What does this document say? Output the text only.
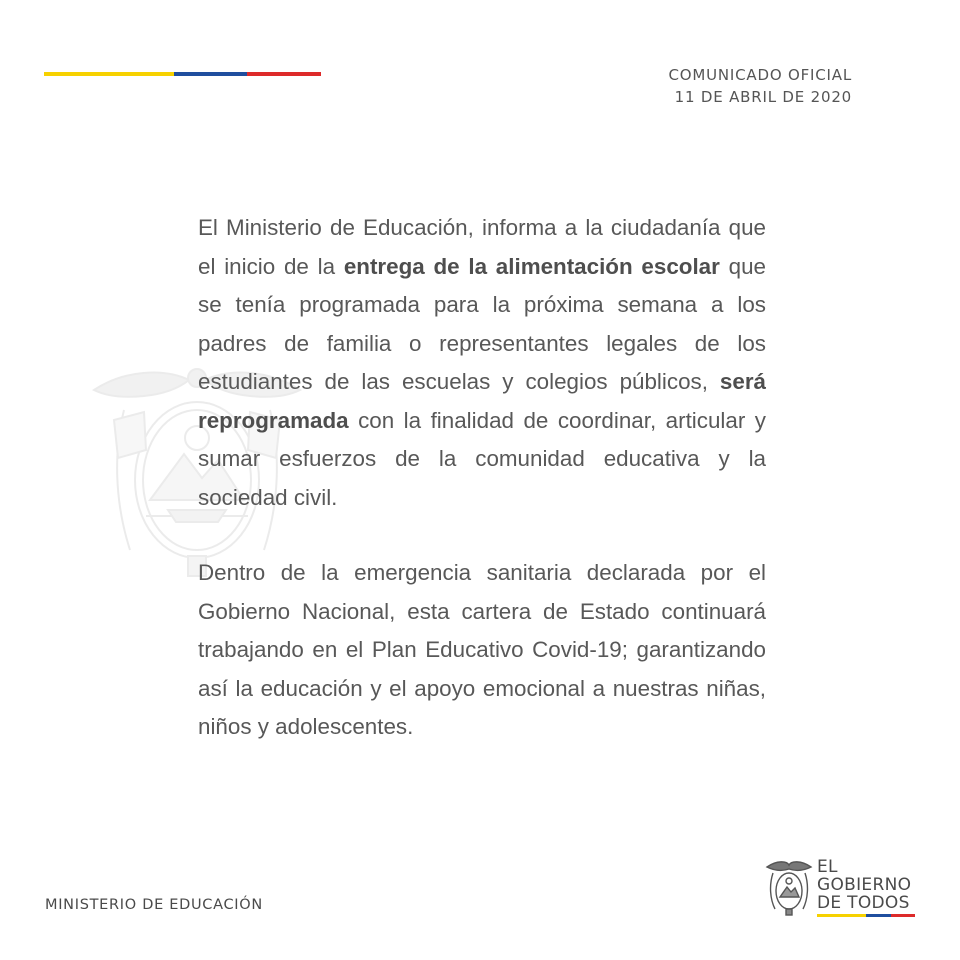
COMUNICADO OFICIAL
11 DE ABRIL DE 2020

El Ministerio de Educación, informa a la ciudadanía que el inicio de la entrega de la alimentación escolar que se tenía programada para la próxima semana a los padres de familia o representantes legales de los estudiantes de las escuelas y colegios públicos, será reprogramada con la finalidad de coordinar, articular y sumar esfuerzos de la comunidad educativa y la sociedad civil.

Dentro de la emergencia sanitaria declarada por el Gobierno Nacional, esta cartera de Estado continuará trabajando en el Plan Educativo Covid-19; garantizando así la educación y el apoyo emocional a nuestras niñas, niños y adolescentes.

MINISTERIO DE EDUCACIÓN
EL
GOBIERNO
DE TODOS
